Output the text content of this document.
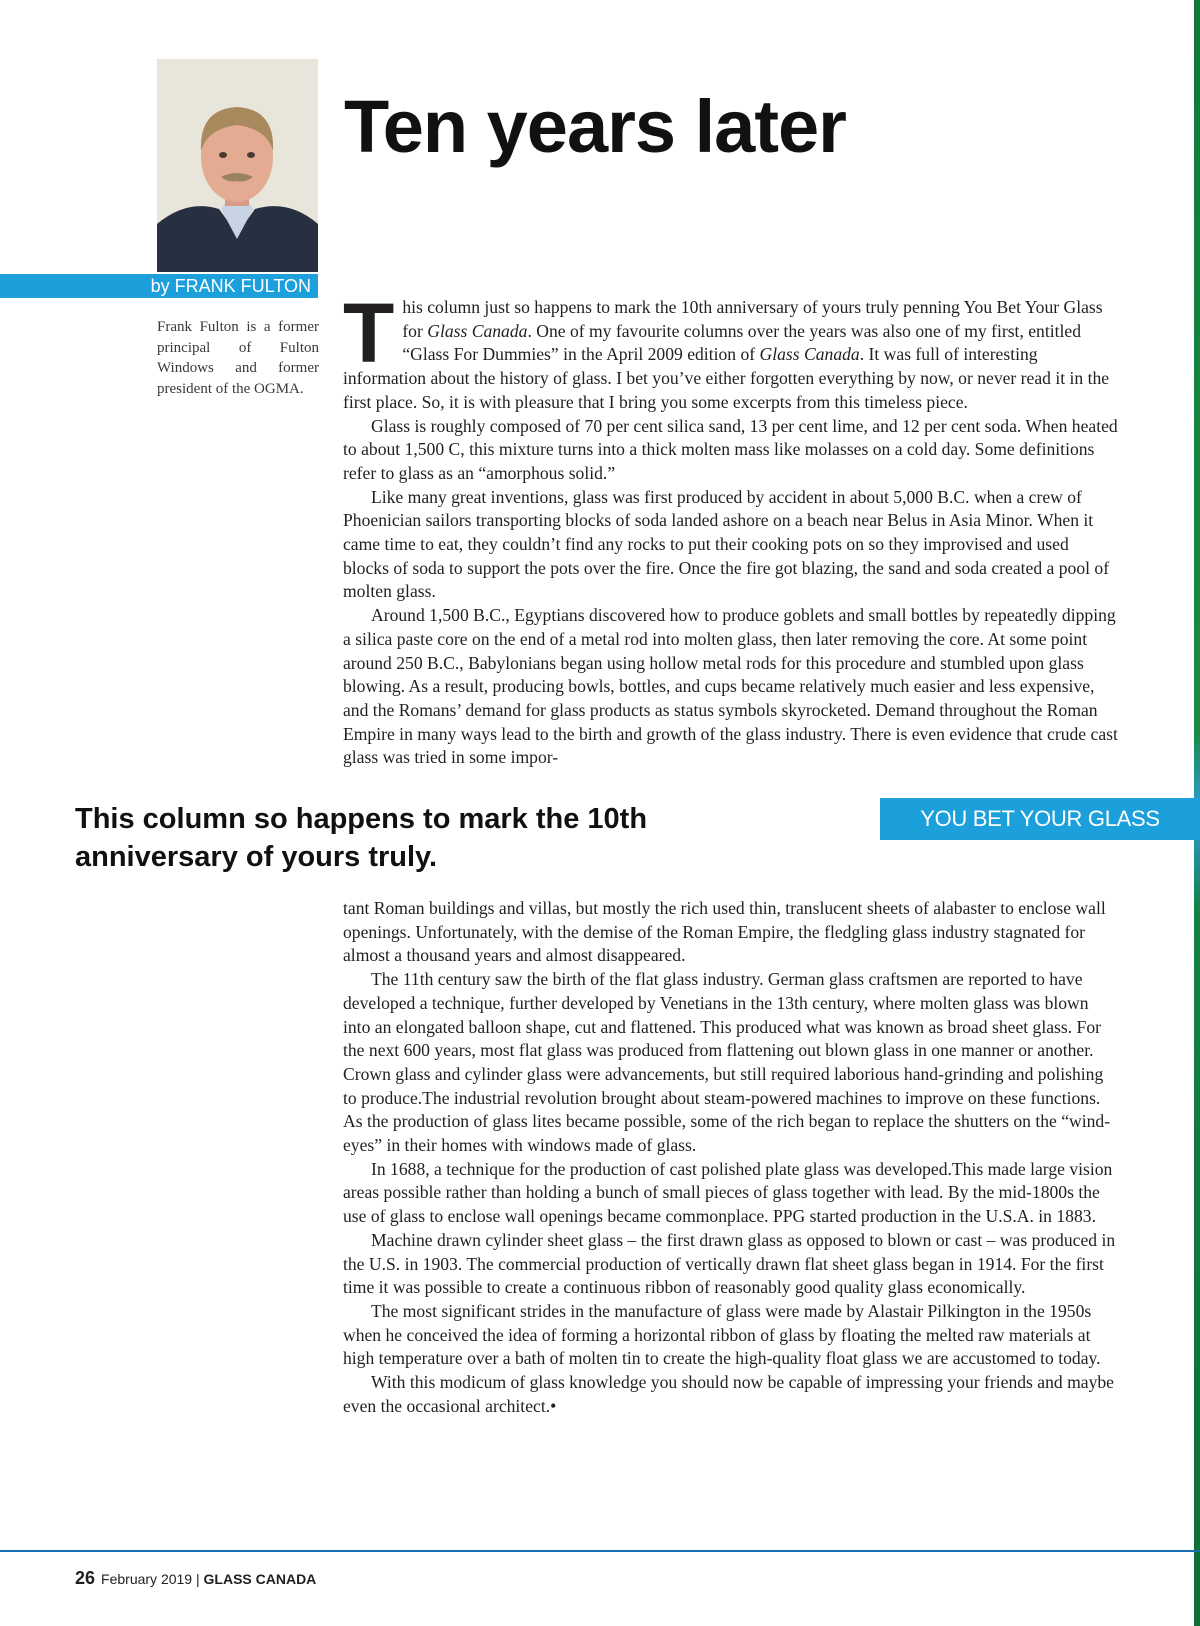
by FRANK FULTON
Frank Fulton is a former principal of Fulton Windows and former president of the OGMA.
Ten years later

This column just so happens to mark the 10th anniversary of yours truly penning You Bet Your Glass for Glass Canada. One of my favourite columns over the years was also one of my first, entitled “Glass For Dummies” in the April 2009 edition of Glass Canada. It was full of interesting information about the history of glass. I bet you’ve either forgotten everything by now, or never read it in the first place. So, it is with pleasure that I bring you some excerpts from this timeless piece.

Glass is roughly composed of 70 per cent silica sand, 13 per cent lime, and 12 per cent soda. When heated to about 1,500 C, this mixture turns into a thick molten mass like molasses on a cold day. Some definitions refer to glass as an “amorphous solid.”

Like many great inventions, glass was first produced by accident in about 5,000 B.C. when a crew of Phoenician sailors transporting blocks of soda landed ashore on a beach near Belus in Asia Minor. When it came time to eat, they couldn’t find any rocks to put their cooking pots on so they improvised and used blocks of soda to support the pots over the fire. Once the fire got blazing, the sand and soda created a pool of molten glass.

Around 1,500 B.C., Egyptians discovered how to produce goblets and small bottles by repeatedly dipping a silica paste core on the end of a metal rod into molten glass, then later removing the core. At some point around 250 B.C., Babylonians began using hollow metal rods for this procedure and stumbled upon glass blowing. As a result, producing bowls, bottles, and cups became relatively much easier and less expensive, and the Romans’ demand for glass products as status symbols skyrocketed. Demand throughout the Roman Empire in many ways lead to the birth and growth of the glass industry. There is even evidence that crude cast glass was tried in some impor-

This column so happens to mark the 10th anniversary of yours truly.
YOU BET YOUR GLASS

tant Roman buildings and villas, but mostly the rich used thin, translucent sheets of alabaster to enclose wall openings. Unfortunately, with the demise of the Roman Empire, the fledgling glass industry stagnated for almost a thousand years and almost disappeared.

The 11th century saw the birth of the flat glass industry. German glass craftsmen are reported to have developed a technique, further developed by Venetians in the 13th century, where molten glass was blown into an elongated balloon shape, cut and flattened. This produced what was known as broad sheet glass. For the next 600 years, most flat glass was produced from flattening out blown glass in one manner or another. Crown glass and cylinder glass were advancements, but still required laborious hand-grinding and polishing to produce.The industrial revolution brought about steam-powered machines to improve on these functions. As the production of glass lites became possible, some of the rich began to replace the shutters on the “wind-eyes” in their homes with windows made of glass.

In 1688, a technique for the production of cast polished plate glass was developed.This made large vision areas possible rather than holding a bunch of small pieces of glass together with lead. By the mid-1800s the use of glass to enclose wall openings became commonplace. PPG started production in the U.S.A. in 1883.

Machine drawn cylinder sheet glass – the first drawn glass as opposed to blown or cast – was produced in the U.S. in 1903. The commercial production of vertically drawn flat sheet glass began in 1914. For the first time it was possible to create a continuous ribbon of reasonably good quality glass economically.

The most significant strides in the manufacture of glass were made by Alastair Pilkington in the 1950s when he conceived the idea of forming a horizontal ribbon of glass by floating the melted raw materials at high temperature over a bath of molten tin to create the high-quality float glass we are accustomed to today.

With this modicum of glass knowledge you should now be capable of impressing your friends and maybe even the occasional architect.•

26 February 2019 | GLASS CANADA
